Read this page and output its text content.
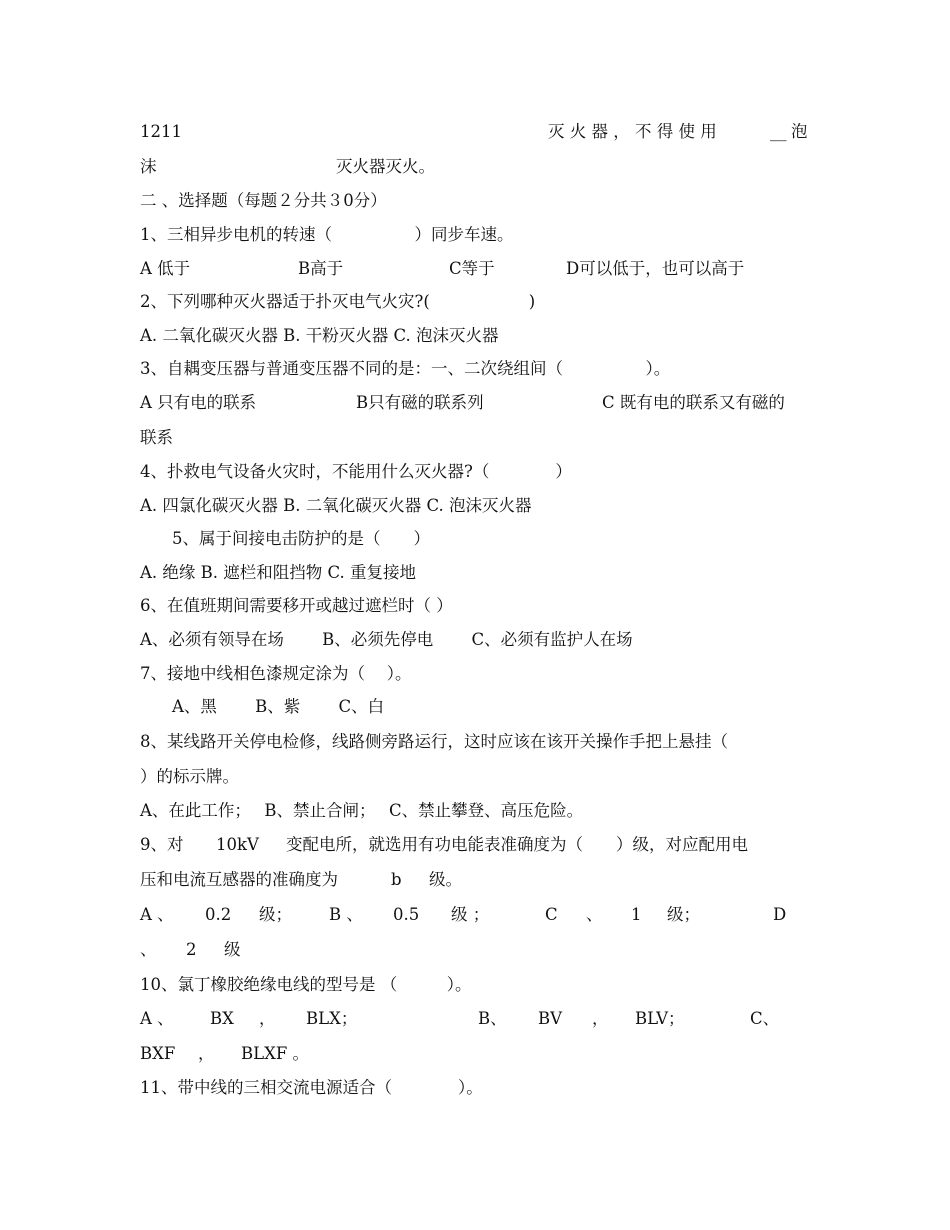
1211	灭 火 器 ， 不 得 使 用	__ 泡
沫	灭火器灭火。
二 、选择题（每题２分共３0分）
1、三相异步电机的转速（　　　　　）同步车速。
A 低于	B高于	C等于	D可以低于，也可以高于
2、下列哪种灭火器适于扑灭电气火灾?(　　　　　　)
A. 二氧化碳灭火器 B. 干粉灭火器 C. 泡沫灭火器
3、自耦变压器与普通变压器不同的是：一、二次绕组间（　　　　　）。
A 只有电的联系	B只有磁的联系列	C 既有电的联系又有磁的
联系
4、扑救电气设备火灾时，不能用什么灭火器?（　　　　）
A. 四氯化碳灭火器 B. 二氧化碳灭火器 C. 泡沫灭火器
5、属于间接电击防护的是（　　）
A. 绝缘 B. 遮栏和阻挡物 C. 重复接地
6、在值班期间需要移开或越过遮栏时（ ）
A、必须有领导在场　　 B、必须先停电　　 C、必须有监护人在场
7、接地中线相色漆规定涂为（　 ）。
A、黑　　 B、紫　　 C、白
8、某线路开关停电检修，线路侧旁路运行，这时应该在该开关操作手把上悬挂（
）的标示牌。
A、在此工作；　 B、禁止合闸；　 C、禁止攀登、高压危险。
9、对 10kV 变配电所，就选用有功电能表准确度为（　　）级，对应配用电
压和电流互感器的准确度为	b 级。
A 、 0.2 级； B 、 0.5 级 ；	C 、 1 级；	D
、 2 级
10、氯丁橡胶绝缘电线的型号是 （　　　）。
A 、 BX ， BLX；	B、 BV ， BLV；	C、
BXF ， BLXF 。
11、带中线的三相交流电源适合（　　　　）。
